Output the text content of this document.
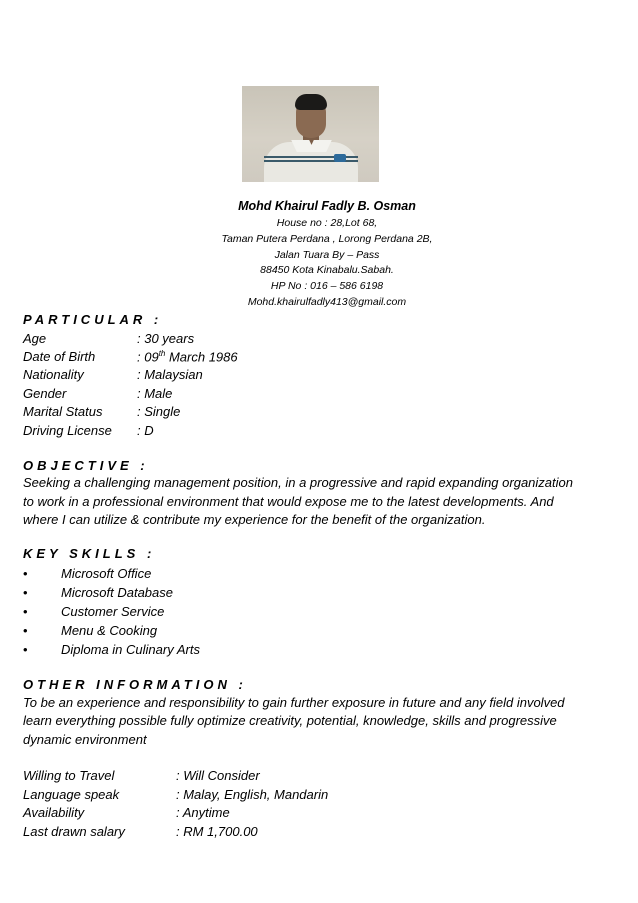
Mohd Khairul Fadly B. Osman
House no : 28,Lot 68,
Taman Putera Perdana , Lorong Perdana 2B,
Jalan Tuara By – Pass
88450 Kota Kinabalu.Sabah.
HP No : 016 – 586 6198
Mohd.khairulfadly413@gmail.com
PARTICULAR :
Age	: 30 years
Date of Birth	: 09th March 1986
Nationality	: Malaysian
Gender	: Male
Marital Status	: Single
Driving License : D
OBJECTIVE :
Seeking a challenging management position, in a progressive and rapid expanding organization
to work in a professional environment that would expose me to the latest developments. And
where I can utilize & contribute my experience for the benefit of the organization.
KEY SKILLS :
•	Microsoft Office
•	Microsoft Database
•	Customer Service
•	Menu & Cooking
•	Diploma in Culinary Arts
OTHER INFORMATION :
To be an experience and responsibility to gain further exposure in future and any field involved
learn everything possible fully optimize creativity, potential, knowledge, skills and progressive
dynamic environment
Willing to Travel	: Will Consider
Language speak	: Malay, English, Mandarin
Availability	: Anytime
Last drawn salary	: RM 1,700.00
